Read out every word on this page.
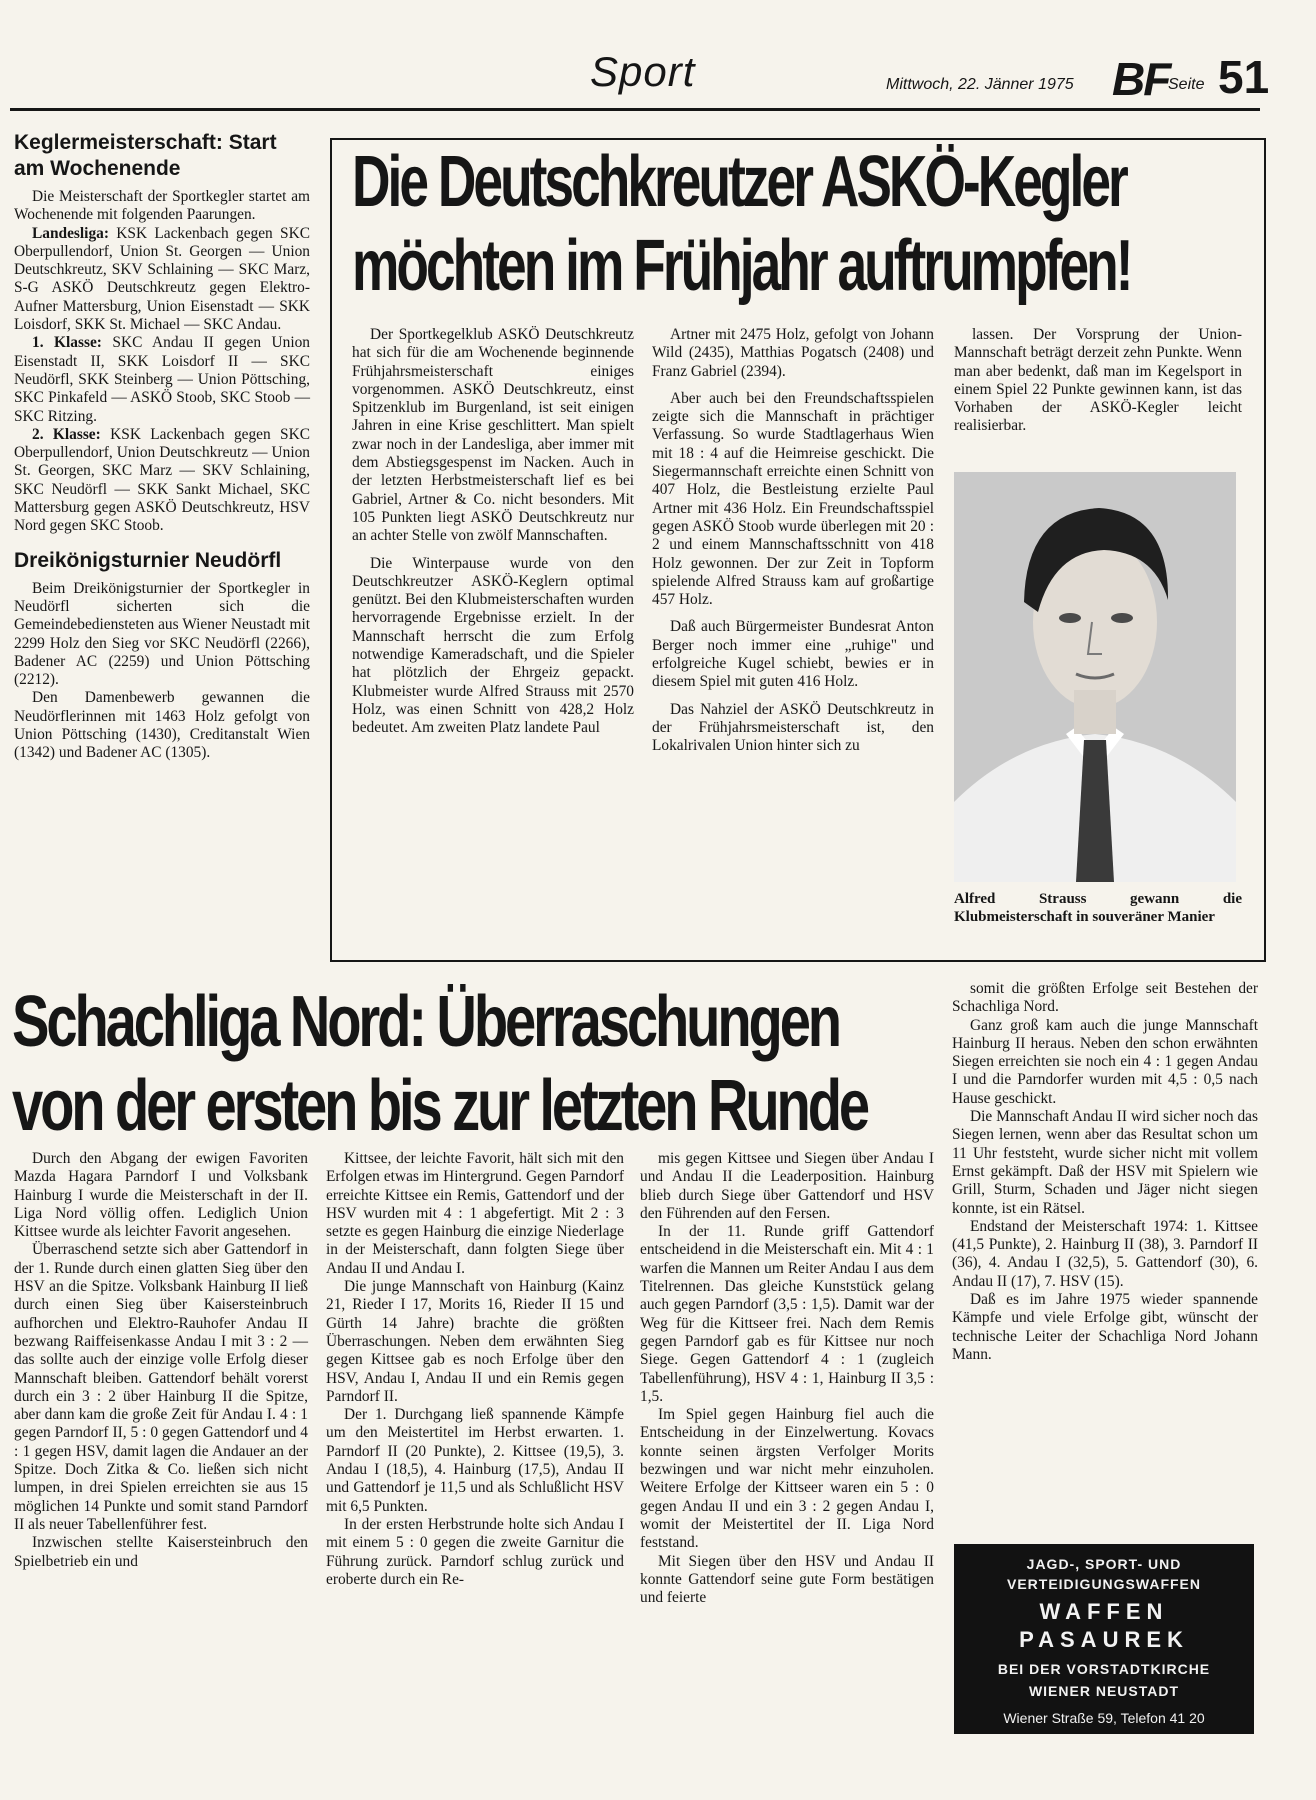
Sport	Mittwoch, 22. Jänner 1975 BF
Seite 51
Keglermeisterschaft: Start am Wochenende

Die Meisterschaft der Sportkegler startet am Wochenende mit folgenden Paarungen.

Landesliga: KSK Lackenbach gegen SKC Oberpullendorf, Union St. Georgen — Union Deutschkreutz, SKV Schlaining — SKC Marz, S-G ASKÖ Deutschkreutz gegen Elektro-Aufner Mattersburg, Union Eisenstadt — SKK Loisdorf, SKK St. Michael — SKC Andau.

1. Klasse: SKC Andau II gegen Union Eisenstadt II, SKK Loisdorf II — SKC Neudörfl, SKK Steinberg — Union Pöttsching, SKC Pinkafeld — ASKÖ Stoob, SKC Stoob — SKC Ritzing.

2. Klasse: KSK Lackenbach gegen SKC Oberpullendorf, Union Deutschkreutz — Union St. Georgen, SKC Marz — SKV Schlaining, SKC Neudörfl — SKK Sankt Michael, SKC Mattersburg gegen ASKÖ Deutschkreutz, HSV Nord gegen SKC Stoob.

Dreikönigsturnier Neudörfl

Beim Dreikönigsturnier der Sportkegler in Neudörfl sicherten sich die Gemeindebediensteten aus Wiener Neustadt mit 2299 Holz den Sieg vor SKC Neudörfl (2266), Badener AC (2259) und Union Pöttsching (2212).

Den Damenbewerb gewannen die Neudörflerinnen mit 1463 Holz gefolgt von Union Pöttsching (1430), Creditanstalt Wien (1342) und Badener AC (1305).

Die Deutschkreutzer ASKÖ-Kegler
möchten im Frühjahr auftrumpfen!

Der Sportkegelklub ASKÖ Deutschkreutz hat sich für die am Wochenende beginnende Frühjahrsmeisterschaft einiges vorgenommen. ASKÖ Deutschkreutz, einst Spitzenklub im Burgenland, ist seit einigen Jahren in eine Krise geschlittert. Man spielt zwar noch in der Landesliga, aber immer mit dem Abstiegsgespenst im Nacken. Auch in der letzten Herbstmeisterschaft lief es bei Gabriel, Artner & Co. nicht besonders. Mit 105 Punkten liegt ASKÖ Deutschkreutz nur an achter Stelle von zwölf Mannschaften.

Die Winterpause wurde von den Deutschkreutzer ASKÖ-Keglern optimal genützt. Bei den Klubmeisterschaften wurden hervorragende Ergebnisse erzielt. In der Mannschaft herrscht die zum Erfolg notwendige Kameradschaft, und die Spieler hat plötzlich der Ehrgeiz gepackt. Klubmeister wurde Alfred Strauss mit 2570 Holz, was einen Schnitt von 428,2 Holz bedeutet. Am zweiten Platz landete Paul

Artner mit 2475 Holz, gefolgt von Johann Wild (2435), Matthias Pogatsch (2408) und Franz Gabriel (2394).

Aber auch bei den Freundschaftsspielen zeigte sich die Mannschaft in prächtiger Verfassung. So wurde Stadtlagerhaus Wien mit 18 : 4 auf die Heimreise geschickt. Die Siegermannschaft erreichte einen Schnitt von 407 Holz, die Bestleistung erzielte Paul Artner mit 436 Holz. Ein Freundschaftsspiel gegen ASKÖ Stoob wurde überlegen mit 20 : 2 und einem Mannschaftsschnitt von 418 Holz gewonnen. Der zur Zeit in Topform spielende Alfred Strauss kam auf großartige 457 Holz.

Daß auch Bürgermeister Bundesrat Anton Berger noch immer eine „ruhige" und erfolgreiche Kugel schiebt, bewies er in diesem Spiel mit guten 416 Holz.

Das Nahziel der ASKÖ Deutschkreutz in der Frühjahrsmeisterschaft ist, den Lokalrivalen Union hinter sich zu

lassen. Der Vorsprung der Union-Mannschaft beträgt derzeit zehn Punkte. Wenn man aber bedenkt, daß man im Kegelsport in einem Spiel 22 Punkte gewinnen kann, ist das Vorhaben der ASKÖ-Kegler leicht realisierbar.

Alfred Strauss gewann die Klubmeisterschaft in souveräner Manier
Schachliga Nord: Überraschungen
von der ersten bis zur letzten Runde

Durch den Abgang der ewigen Favoriten Mazda Hagara Parndorf I und Volksbank Hainburg I wurde die Meisterschaft in der II. Liga Nord völlig offen. Lediglich Union Kittsee wurde als leichter Favorit angesehen.

Überraschend setzte sich aber Gattendorf in der 1. Runde durch einen glatten Sieg über den HSV an die Spitze. Volksbank Hainburg II ließ durch einen Sieg über Kaisersteinbruch aufhorchen und Elektro-Rauhofer Andau II bezwang Raiffeisenkasse Andau I mit 3 : 2 — das sollte auch der einzige volle Erfolg dieser Mannschaft bleiben. Gattendorf behält vorerst durch ein 3 : 2 über Hainburg II die Spitze, aber dann kam die große Zeit für Andau I. 4 : 1 gegen Parndorf II, 5 : 0 gegen Gattendorf und 4 : 1 gegen HSV, damit lagen die Andauer an der Spitze. Doch Zitka & Co. ließen sich nicht lumpen, in drei Spielen erreichten sie aus 15 möglichen 14 Punkte und somit stand Parndorf II als neuer Tabellenführer fest.

Inzwischen stellte Kaisersteinbruch den Spielbetrieb ein und

Kittsee, der leichte Favorit, hält sich mit den Erfolgen etwas im Hintergrund. Gegen Parndorf erreichte Kittsee ein Remis, Gattendorf und der HSV wurden mit 4 : 1 abgefertigt. Mit 2 : 3 setzte es gegen Hainburg die einzige Niederlage in der Meisterschaft, dann folgten Siege über Andau II und Andau I.

Die junge Mannschaft von Hainburg (Kainz 21, Rieder I 17, Morits 16, Rieder II 15 und Gürth 14 Jahre) brachte die größten Überraschungen. Neben dem erwähnten Sieg gegen Kittsee gab es noch Erfolge über den HSV, Andau I, Andau II und ein Remis gegen Parndorf II.

Der 1. Durchgang ließ spannende Kämpfe um den Meistertitel im Herbst erwarten. 1. Parndorf II (20 Punkte), 2. Kittsee (19,5), 3. Andau I (18,5), 4. Hainburg (17,5), Andau II und Gattendorf je 11,5 und als Schlußlicht HSV mit 6,5 Punkten.

In der ersten Herbstrunde holte sich Andau I mit einem 5 : 0 gegen die zweite Garnitur die Führung zurück. Parndorf schlug zurück und eroberte durch ein Re-

mis gegen Kittsee und Siegen über Andau I und Andau II die Leaderposition. Hainburg blieb durch Siege über Gattendorf und HSV den Führenden auf den Fersen.

In der 11. Runde griff Gattendorf entscheidend in die Meisterschaft ein. Mit 4 : 1 warfen die Mannen um Reiter Andau I aus dem Titelrennen. Das gleiche Kunststück gelang auch gegen Parndorf (3,5 : 1,5). Damit war der Weg für die Kittseer frei. Nach dem Remis gegen Parndorf gab es für Kittsee nur noch Siege. Gegen Gattendorf 4 : 1 (zugleich Tabellenführung), HSV 4 : 1, Hainburg II 3,5 : 1,5.

Im Spiel gegen Hainburg fiel auch die Entscheidung in der Einzelwertung. Kovacs konnte seinen ärgsten Verfolger Morits bezwingen und war nicht mehr einzuholen. Weitere Erfolge der Kittseer waren ein 5 : 0 gegen Andau II und ein 3 : 2 gegen Andau I, womit der Meistertitel der II. Liga Nord feststand.

Mit Siegen über den HSV und Andau II konnte Gattendorf seine gute Form bestätigen und feierte

somit die größten Erfolge seit Bestehen der Schachliga Nord.

Ganz groß kam auch die junge Mannschaft Hainburg II heraus. Neben den schon erwähnten Siegen erreichten sie noch ein 4 : 1 gegen Andau I und die Parndorfer wurden mit 4,5 : 0,5 nach Hause geschickt.

Die Mannschaft Andau II wird sicher noch das Siegen lernen, wenn aber das Resultat schon um 11 Uhr feststeht, wurde sicher nicht mit vollem Ernst gekämpft. Daß der HSV mit Spielern wie Grill, Sturm, Schaden und Jäger nicht siegen konnte, ist ein Rätsel.

Endstand der Meisterschaft 1974: 1. Kittsee (41,5 Punkte), 2. Hainburg II (38), 3. Parndorf II (36), 4. Andau I (32,5), 5. Gattendorf (30), 6. Andau II (17), 7. HSV (15).

Daß es im Jahre 1975 wieder spannende Kämpfe und viele Erfolge gibt, wünscht der technische Leiter der Schachliga Nord Johann Mann.

JAGD-, SPORT- UND VERTEIDIGUNGSWAFFEN
WAFFEN
PASAUREK
BEI DER VORSTADTKIRCHE
WIENER NEUSTADT
Wiener Straße 59, Telefon 41 20
